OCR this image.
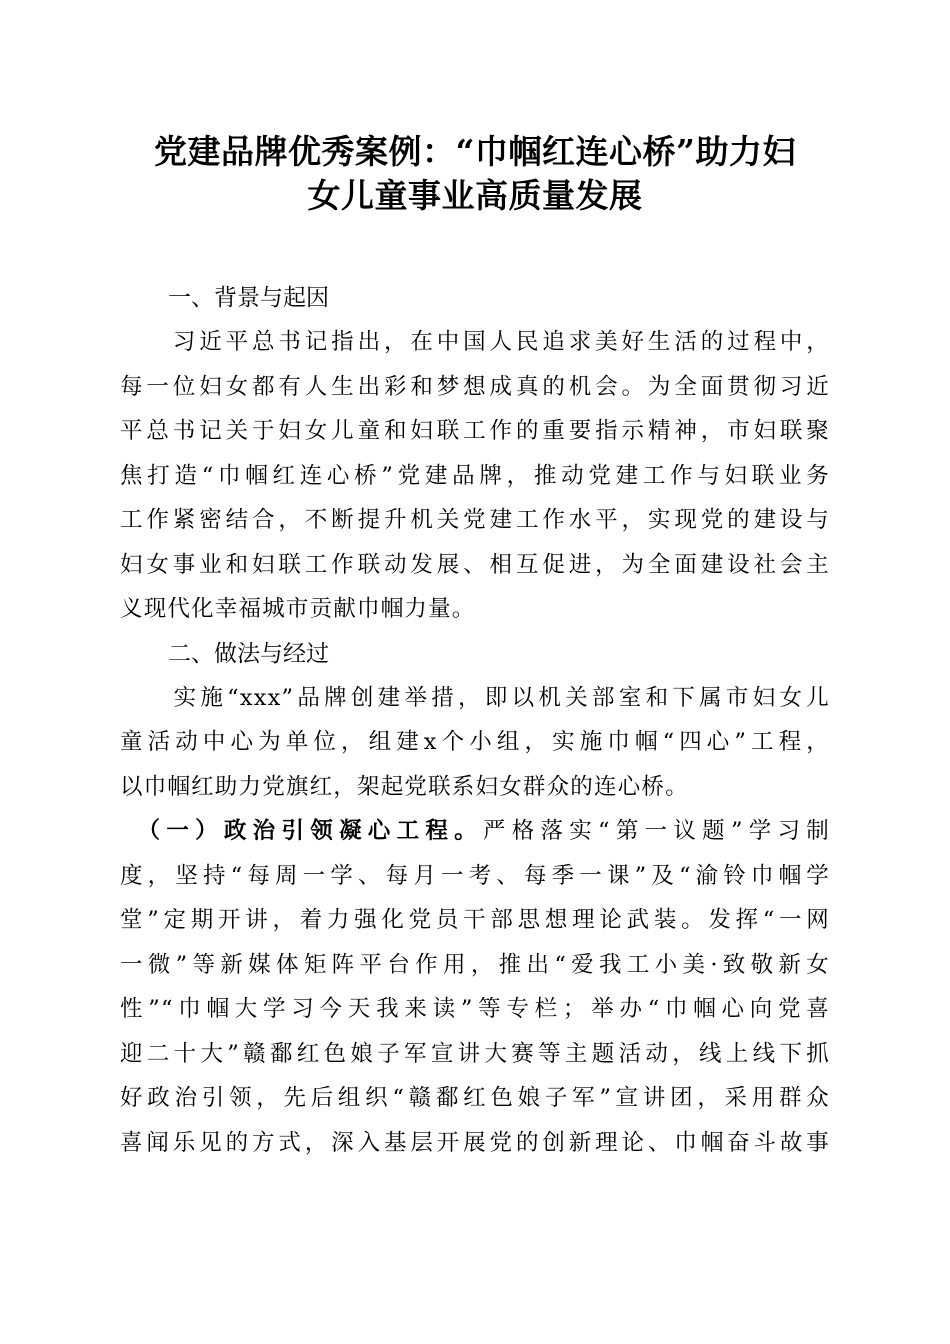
党建品牌优秀案例：“巾帼红连心桥”助力妇
女儿童事业高质量发展

一、背景与起因

　　习近平总书记指出，在中国人民追求美好生活的过程中，
每一位妇女都有人生出彩和梦想成真的机会。为全面贯彻习近
平总书记关于妇女儿童和妇联工作的重要指示精神，市妇联聚
焦打造“巾帼红连心桥”党建品牌，推动党建工作与妇联业务
工作紧密结合，不断提升机关党建工作水平，实现党的建设与
妇女事业和妇联工作联动发展、相互促进，为全面建设社会主
义现代化幸福城市贡献巾帼力量。

二、做法与经过

　　实施“xxx”品牌创建举措，即以机关部室和下属市妇女儿
童活动中心为单位，组建x个小组，实施巾帼“四心”工程，
以巾帼红助力党旗红，架起党联系妇女群众的连心桥。

　（一）政治引领凝心工程。严格落实“第一议题”学习制
度，坚持“每周一学、每月一考、每季一课”及“渝铃巾帼学
堂”定期开讲，着力强化党员干部思想理论武装。发挥“一网
一微”等新媒体矩阵平台作用，推出“爱我工小美·致敬新女
性”“巾帼大学习今天我来读”等专栏；举办“巾帼心向党喜
迎二十大”赣鄱红色娘子军宣讲大赛等主题活动，线上线下抓
好政治引领，先后组织“赣鄱红色娘子军”宣讲团，采用群众
喜闻乐见的方式，深入基层开展党的创新理论、巾帼奋斗故事
